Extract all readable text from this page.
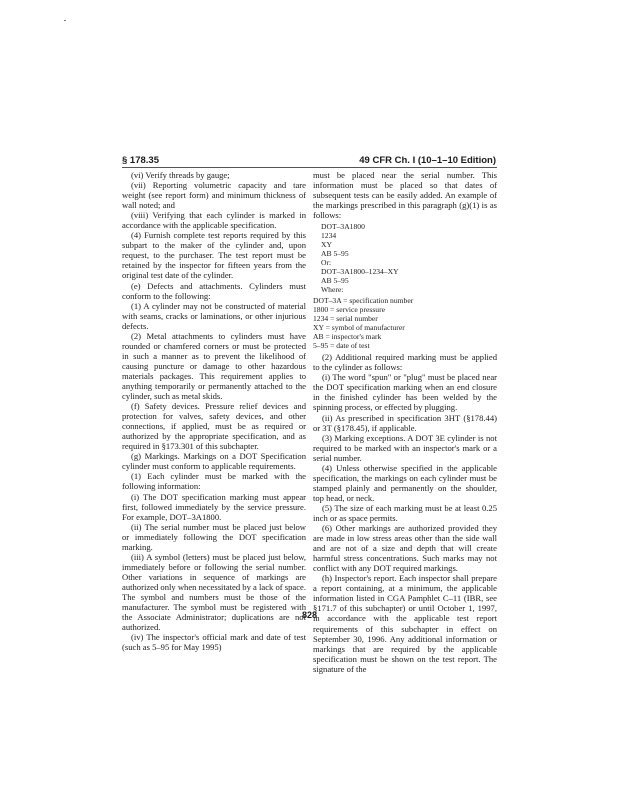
§ 178.35	49 CFR Ch. I (10–1–10 Edition)

(vi) Verify threads by gauge;

(vii) Reporting volumetric capacity and tare weight (see report form) and minimum thickness of wall noted; and

(viii) Verifying that each cylinder is marked in accordance with the applicable specification.

(4) Furnish complete test reports required by this subpart to the maker of the cylinder and, upon request, to the purchaser. The test report must be retained by the inspector for fifteen years from the original test date of the cylinder.

(e) Defects and attachments. Cylinders must conform to the following:

(1) A cylinder may not be constructed of material with seams, cracks or laminations, or other injurious defects.

(2) Metal attachments to cylinders must have rounded or chamfered corners or must be protected in such a manner as to prevent the likelihood of causing puncture or damage to other hazardous materials packages. This requirement applies to anything temporarily or permanently attached to the cylinder, such as metal skids.

(f) Safety devices. Pressure relief devices and protection for valves, safety devices, and other connections, if applied, must be as required or authorized by the appropriate specification, and as required in §173.301 of this subchapter.

(g) Markings. Markings on a DOT Specification cylinder must conform to applicable requirements.

(1) Each cylinder must be marked with the following information:

(i) The DOT specification marking must appear first, followed immediately by the service pressure. For example, DOT–3A1800.

(ii) The serial number must be placed just below or immediately following the DOT specification marking.

(iii) A symbol (letters) must be placed just below, immediately before or following the serial number. Other variations in sequence of markings are authorized only when necessitated by a lack of space. The symbol and numbers must be those of the manufacturer. The symbol must be registered with the Associate Administrator; duplications are not authorized.

(iv) The inspector's official mark and date of test (such as 5–95 for May 1995)

must be placed near the serial number. This information must be placed so that dates of subsequent tests can be easily added. An example of the markings prescribed in this paragraph (g)(1) is as follows:

DOT–3A1800
1234
XY
AB 5–95
Or:
DOT–3A1800–1234–XY
AB 5–95
Where:
DOT–3A = specification number
1800 = service pressure
1234 = serial number
XY = symbol of manufacturer
AB = inspector's mark
5–95 = date of test

(2) Additional required marking must be applied to the cylinder as follows:

(i) The word "spun" or "plug" must be placed near the DOT specification marking when an end closure in the finished cylinder has been welded by the spinning process, or effected by plugging.

(ii) As prescribed in specification 3HT (§178.44) or 3T (§178.45), if applicable.

(3) Marking exceptions. A DOT 3E cylinder is not required to be marked with an inspector's mark or a serial number.

(4) Unless otherwise specified in the applicable specification, the markings on each cylinder must be stamped plainly and permanently on the shoulder, top head, or neck.

(5) The size of each marking must be at least 0.25 inch or as space permits.

(6) Other markings are authorized provided they are made in low stress areas other than the side wall and are not of a size and depth that will create harmful stress concentrations. Such marks may not conflict with any DOT required markings.

(h) Inspector's report. Each inspector shall prepare a report containing, at a minimum, the applicable information listed in CGA Pamphlet C–11 (IBR, see §171.7 of this subchapter) or until October 1, 1997, in accordance with the applicable test report requirements of this subchapter in effect on September 30, 1996. Any additional information or markings that are required by the applicable specification must be shown on the test report. The signature of the

828
